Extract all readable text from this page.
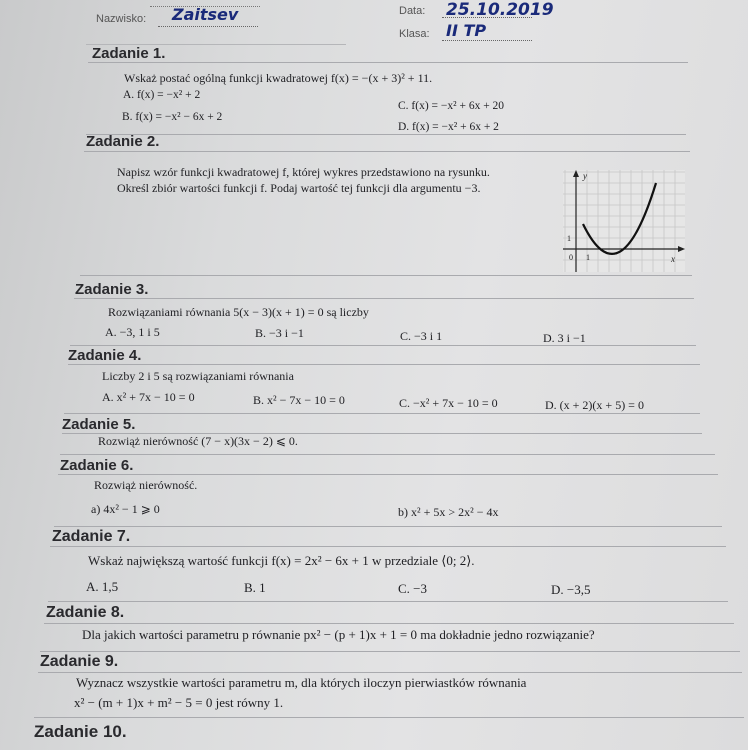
Nazwisko: Zaitsev	Data: 25.10.2019
Klasa: II TP
Zadanie 1.
Wskaż postać ogólną funkcji kwadratowej f(x) = −(x + 3)² + 11.
A. f(x) = −x² + 2
C. f(x) = −x² + 6x + 20
B. f(x) = −x² − 6x + 2
D. f(x) = −x² + 6x + 2
Zadanie 2.
Napisz wzór funkcji kwadratowej f, której wykres przedstawiono na rysunku.
Określ zbiór wartości funkcji f. Podaj wartość tej funkcji dla argumentu −3.
y
x
1
1
0
Zadanie 3.
Rozwiązaniami równania 5(x − 3)(x + 1) = 0 są liczby
A. −3, 1 i 5	B. −3 i −1	C. −3 i 1	D. 3 i −1
Zadanie 4.
Liczby 2 i 5 są rozwiązaniami równania
A. x² + 7x − 10 = 0	B. x² − 7x − 10 = 0	C. −x² + 7x − 10 = 0	D. (x + 2)(x + 5) = 0
Zadanie 5.
Rozwiąż nierówność (7 − x)(3x − 2) ⩽ 0.
Zadanie 6.
Rozwiąż nierówność.
a) 4x² − 1 ⩾ 0	b) x² + 5x > 2x² − 4x
Zadanie 7.
Wskaż największą wartość funkcji f(x) = 2x² − 6x + 1 w przedziale ⟨0; 2⟩.
A. 1,5	B. 1	C. −3	D. −3,5
Zadanie 8.
Dla jakich wartości parametru p równanie px² − (p + 1)x + 1 = 0 ma dokładnie jedno rozwiązanie?
Zadanie 9.
Wyznacz wszystkie wartości parametru m, dla których iloczyn pierwiastków równania
x² − (m + 1)x + m² − 5 = 0 jest równy 1.
Zadanie 10.
